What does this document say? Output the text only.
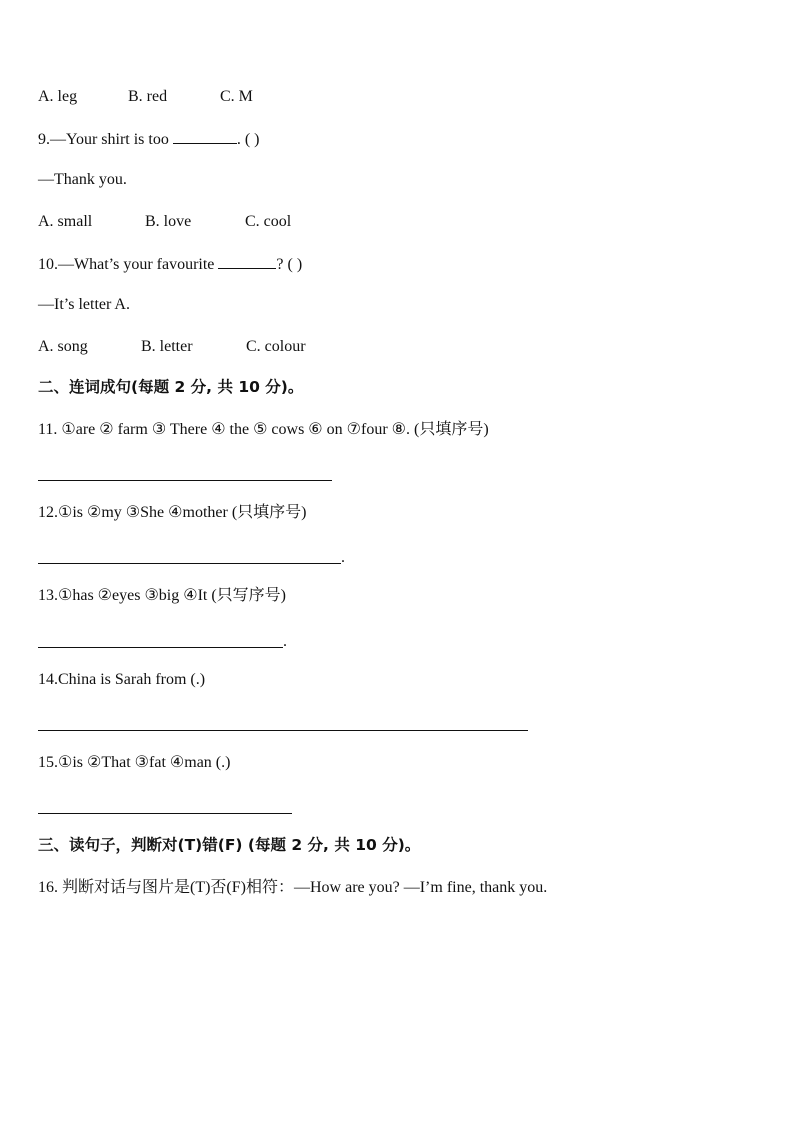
A. leg	B. red	C. M
9.—Your shirt is too	. ( )
—Thank you.
A. small	B. love	C. cool
10.—What’s your favourite	? ( )
—It’s letter A.
A. song	B. letter	C. colour
二、连词成句(每题 2 分, 共 10 分)。
11. ①are ② farm ③ There ④ the ⑤ cows ⑥ on ⑦four ⑧. (只填序号)
12.①is ②my ③She ④mother (只填序号)
.
13.①has ②eyes ③big ④It (只写序号)
.
14.China is Sarah from (.)
15.①is ②That ③fat ④man (.)
三、读句子，判断对(T)错(F) (每题 2 分, 共 10 分)。
16. 判断对话与图片是(T)否(F)相符：—How are you? —I’m fine, thank you.
